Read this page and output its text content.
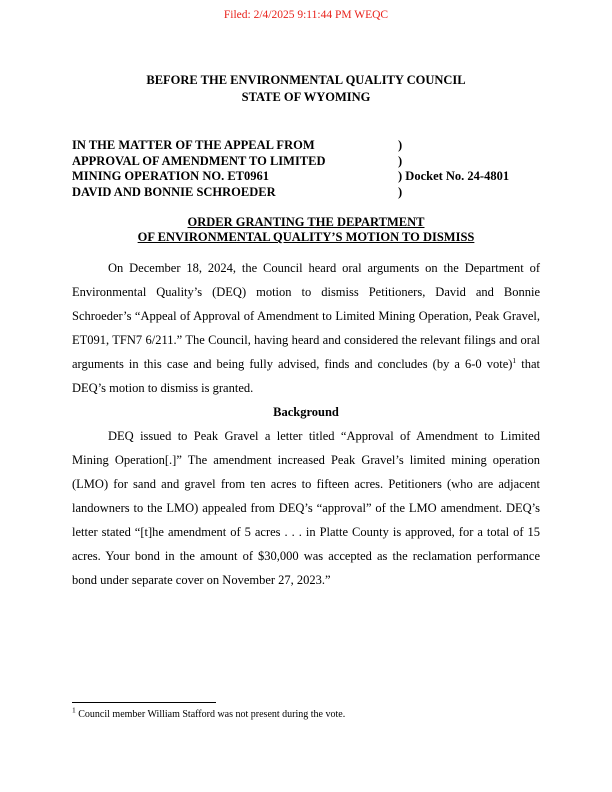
Filed: 2/4/2025 9:11:44 PM WEQC
BEFORE THE ENVIRONMENTAL QUALITY COUNCIL
STATE OF WYOMING
IN THE MATTER OF THE APPEAL FROM	)
APPROVAL OF AMENDMENT TO LIMITED	)
MINING OPERATION NO. ET0961	) Docket No. 24-4801
DAVID AND BONNIE SCHROEDER	)
ORDER GRANTING THE DEPARTMENT
OF ENVIRONMENTAL QUALITY’S MOTION TO DISMISS

On December 18, 2024, the Council heard oral arguments on the Department of Environmental Quality’s (DEQ) motion to dismiss Petitioners, David and Bonnie Schroeder’s “Appeal of Approval of Amendment to Limited Mining Operation, Peak Gravel, ET091, TFN7 6/211.” The Council, having heard and considered the relevant filings and oral arguments in this case and being fully advised, finds and concludes (by a 6-0 vote)$^1$ that DEQ’s motion to dismiss is granted.

Background

DEQ issued to Peak Gravel a letter titled “Approval of Amendment to Limited Mining Operation[.]” The amendment increased Peak Gravel’s limited mining operation (LMO) for sand and gravel from ten acres to fifteen acres. Petitioners (who are adjacent landowners to the LMO) appealed from DEQ’s “approval” of the LMO amendment. DEQ’s letter stated “[t]he amendment of 5 acres . . . in Platte County is approved, for a total of 15 acres. Your bond in the amount of $30,000 was accepted as the reclamation performance bond under separate cover on November 27, 2023.”

$^1$ Council member William Stafford was not present during the vote.
